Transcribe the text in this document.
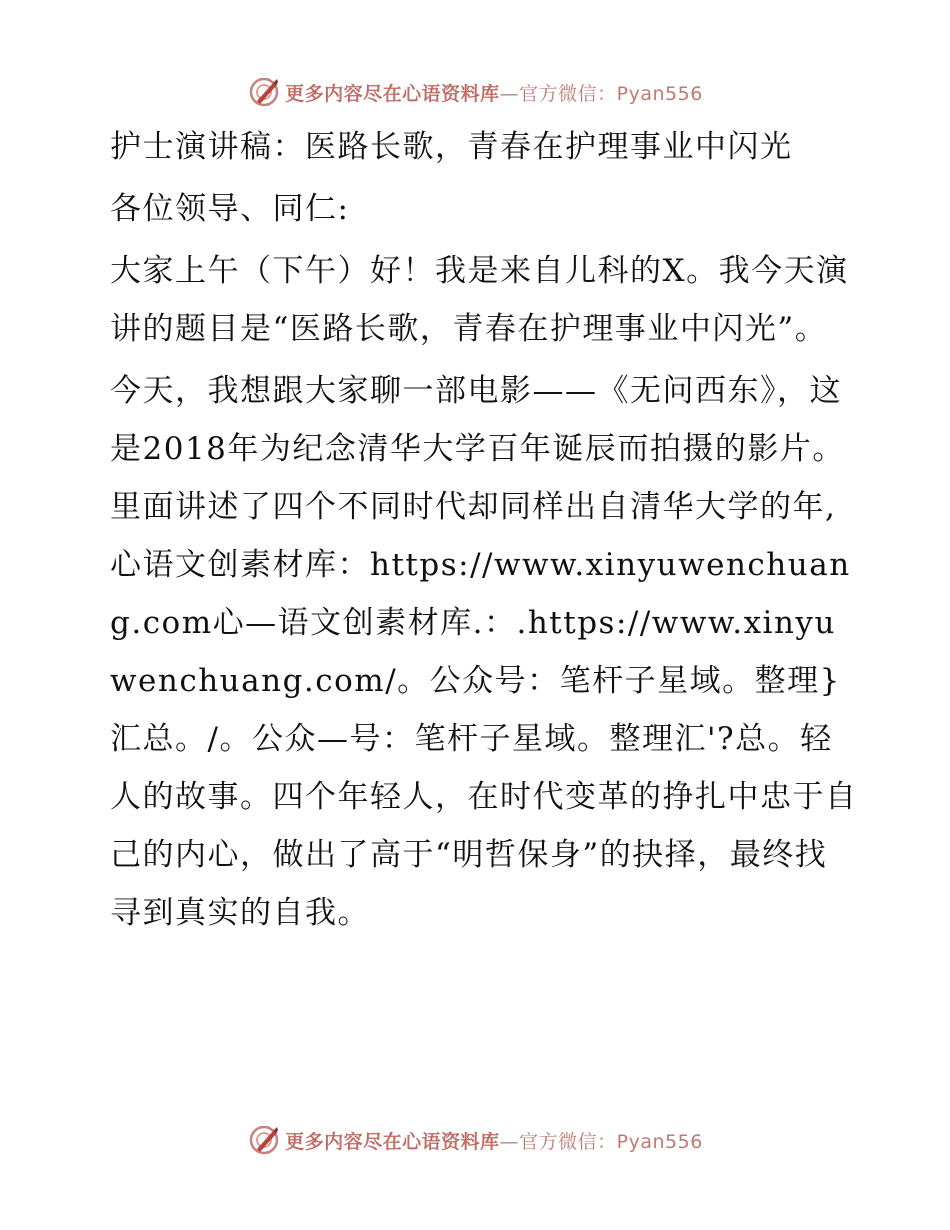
更多内容尽在心语资料库—官方微信：Pyan556

护士演讲稿：医路长歌，青春在护理事业中闪光

各位领导、同仁:

大家上午（下午）好！我是来自儿科的X。我今天演讲的题目是“医路长歌，青春在护理事业中闪光”。

今天，我想跟大家聊一部电影——《无问西东》，这是2018年为纪念清华大学百年诞辰而拍摄的影片。里面讲述了四个不同时代却同样出自清华大学的年,心语文创素材库：https://www.xinyuwenchuang.com心—语文创素材库.：.https://www.xinyuwenchuang.com/。公众号：笔杆子星域。整理}汇总。/。公众—号：笔杆子星域。整理汇'?总。轻人的故事。四个年轻人，在时代变革的挣扎中忠于自己的内心，做出了高于“明哲保身”的抉择，最终找寻到真实的自我。

更多内容尽在心语资料库—官方微信：Pyan556
